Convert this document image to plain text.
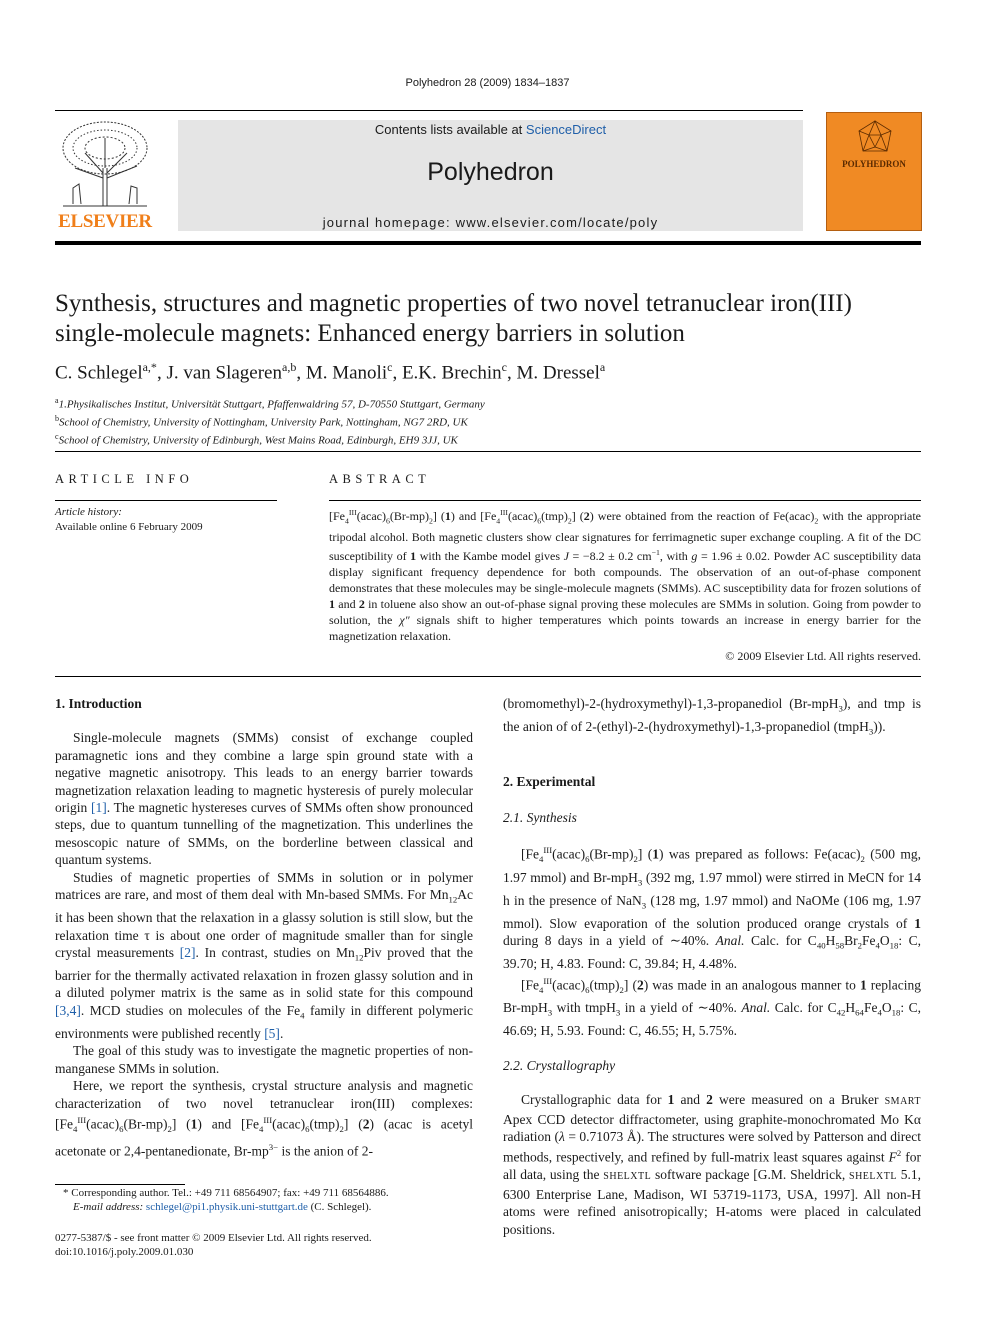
Polyhedron 28 (2009) 1834–1837
ELSEVIER
Contents lists available at ScienceDirect
Polyhedron
journal homepage: www.elsevier.com/locate/poly
POLYHEDRON
Synthesis, structures and magnetic properties of two novel tetranuclear iron(III) single-molecule magnets: Enhanced energy barriers in solution
C. Schlegel$^{a,*}$, J. van Slageren$^{a,b}$, M. Manoli$^c$, E.K. Brechin$^c$, M. Dressel$^a$
$^a$1.Physikalisches Institut, Universität Stuttgart, Pfaffenwaldring 57, D-70550 Stuttgart, Germany
$^b$School of Chemistry, University of Nottingham, University Park, Nottingham, NG7 2RD, UK
$^c$School of Chemistry, University of Edinburgh, West Mains Road, Edinburgh, EH9 3JJ, UK
ARTICLE INFO
Article history:
Available online 6 February 2009
ABSTRACT
$[Fe_4^{III}(acac)_6(Br-mp)_2]$ (1) and $[Fe_4^{III}(acac)_6(tmp)_2]$ (2) were obtained from the reaction of $Fe(acac)_2$ with the appropriate tripodal alcohol. Both magnetic clusters show clear signatures for ferrimagnetic super exchange coupling. A fit of the DC susceptibility of 1 with the Kambe model gives J = −8.2 ± 0.2 $cm^{-1}$, with g = 1.96 ± 0.02. Powder AC susceptibility data display significant frequency dependence for both compounds. The observation of an out-of-phase component demonstrates that these molecules may be single-molecule magnets (SMMs). AC susceptibility data for frozen solutions of 1 and 2 in toluene also show an out-of-phase signal proving these molecules are SMMs in solution. Going from powder to solution, the χ″ signals shift to higher temperatures which points towards an increase in energy barrier for the magnetization relaxation.
© 2009 Elsevier Ltd. All rights reserved.

1. Introduction

Single-molecule magnets (SMMs) consist of exchange coupled paramagnetic ions and they combine a large spin ground state with a negative magnetic anisotropy. This leads to an energy barrier towards magnetization relaxation leading to magnetic hysteresis of purely molecular origin [1]. The magnetic hystereses curves of SMMs often show pronounced steps, due to quantum tunnelling of the magnetization. This underlines the mesoscopic nature of SMMs, on the borderline between classical and quantum systems.

Studies of magnetic properties of SMMs in solution or in polymer matrices are rare, and most of them deal with Mn-based SMMs. For $Mn_{12}Ac$ it has been shown that the relaxation in a glassy solution is still slow, but the relaxation time τ is about one order of magnitude smaller than for single crystal measurements [2]. In contrast, studies on $Mn_{12}Piv$ proved that the barrier for the thermally activated relaxation in frozen glassy solution and in a diluted polymer matrix is the same as in solid state for this compound [3,4]. MCD studies on molecules of the $Fe_4$ family in different polymeric environments were published recently [5].

The goal of this study was to investigate the magnetic properties of non-manganese SMMs in solution.

Here, we report the synthesis, crystal structure analysis and magnetic characterization of two novel tetranuclear iron(III) complexes: $[Fe_4^{III}(acac)_6(Br-mp)_2]$ (1) and $[Fe_4^{III}(acac)_6(tmp)_2]$ (2) (acac is acetyl acetonate or 2,4-pentanedionate, $Br-mp^{3-}$ is the anion of 2-

(bromomethyl)-2-(hydroxymethyl)-1,3-propanediol (Br-mpH$_3$), and tmp is the anion of of 2-(ethyl)-2-(hydroxymethyl)-1,3-propanediol (tmpH$_3$)).

2. Experimental

2.1. Synthesis

$[Fe_4^{III}(acac)_6(Br-mp)_2]$ (1) was prepared as follows: $Fe(acac)_2$ (500 mg, 1.97 mmol) and Br-mpH$_3$ (392 mg, 1.97 mmol) were stirred in MeCN for 14 h in the presence of NaN$_3$ (128 mg, 1.97 mmol) and NaOMe (106 mg, 1.97 mmol). Slow evaporation of the solution produced orange crystals of 1 during 8 days in a yield of ∼40%. Anal. Calc. for $C_{40}H_{58}Br_2Fe_4O_{18}$: C, 39.70; H, 4.83. Found: C, 39.84; H, 4.48%.

$[Fe_4^{III}(acac)_6(tmp)_2]$ (2) was made in an analogous manner to 1 replacing Br-mpH$_3$ with tmpH$_3$ in a yield of ∼40%. Anal. Calc. for $C_{42}H_{64}Fe_4O_{18}$: C, 46.69; H, 5.93. Found: C, 46.55; H, 5.75%.

2.2. Crystallography

Crystallographic data for 1 and 2 were measured on a Bruker SMART Apex CCD detector diffractometer, using graphite-monochromated Mo Kα radiation (λ = 0.71073 Å). The structures were solved by Patterson and direct methods, respectively, and refined by full-matrix least squares against $F^2$ for all data, using the SHELXTL software package [G.M. Sheldrick, SHELXTL 5.1, 6300 Enterprise Lane, Madison, WI 53719-1173, USA, 1997]. All non-H atoms were refined anisotropically; H-atoms were placed in calculated positions.

* Corresponding author. Tel.: +49 711 68564907; fax: +49 711 68564886.
E-mail address: schlegel@pi1.physik.uni-stuttgart.de (C. Schlegel).
0277-5387/$ - see front matter © 2009 Elsevier Ltd. All rights reserved.
doi:10.1016/j.poly.2009.01.030
